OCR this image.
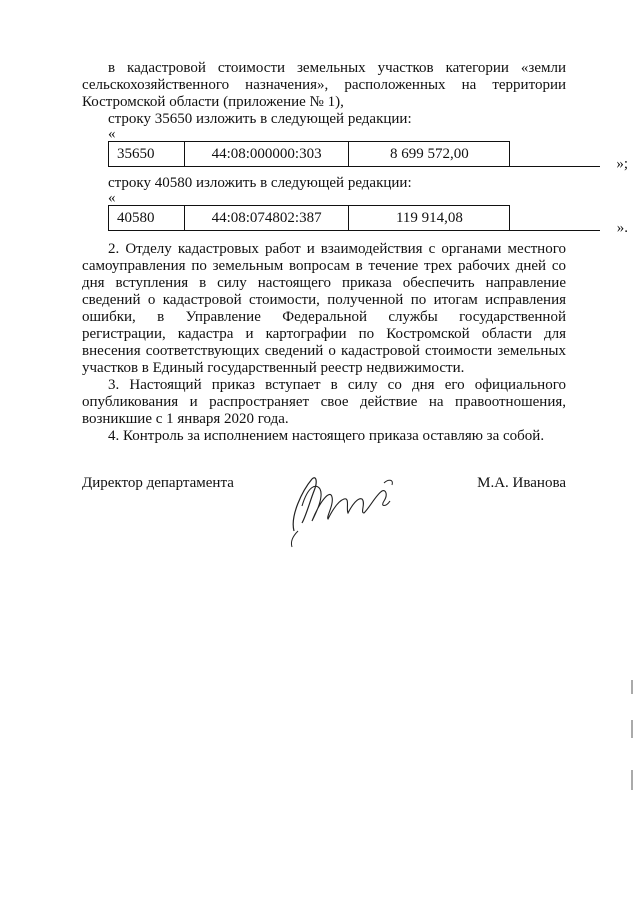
в кадастровой стоимости земельных участков категории «земли

сельскохозяйственного назначения», расположенных на территории

Костромской области (приложение № 1),

строку 35650 изложить в следующей редакции:

«

35650	44:08:000000:303	8 699 572,00	
»;

строку 40580 изложить в следующей редакции:

«

40580	44:08:074802:387	119 914,08	
».

2. Отделу кадастровых работ и взаимодействия с органами местного

самоуправления по земельным вопросам в течение трех рабочих дней со

дня вступления в силу настоящего приказа обеспечить направление

сведений о кадастровой стоимости, полученной по итогам исправления

ошибки, в Управление Федеральной службы государственной

регистрации, кадастра и картографии по Костромской области для

внесения соответствующих сведений о кадастровой стоимости земельных

участков в Единый государственный реестр недвижимости.

3. Настоящий приказ вступает в силу со дня его официального

опубликования и распространяет свое действие на правоотношения,

возникшие с 1 января 2020 года.

4. Контроль за исполнением настоящего приказа оставляю за собой.

Директор департамента	М.А. Иванова
